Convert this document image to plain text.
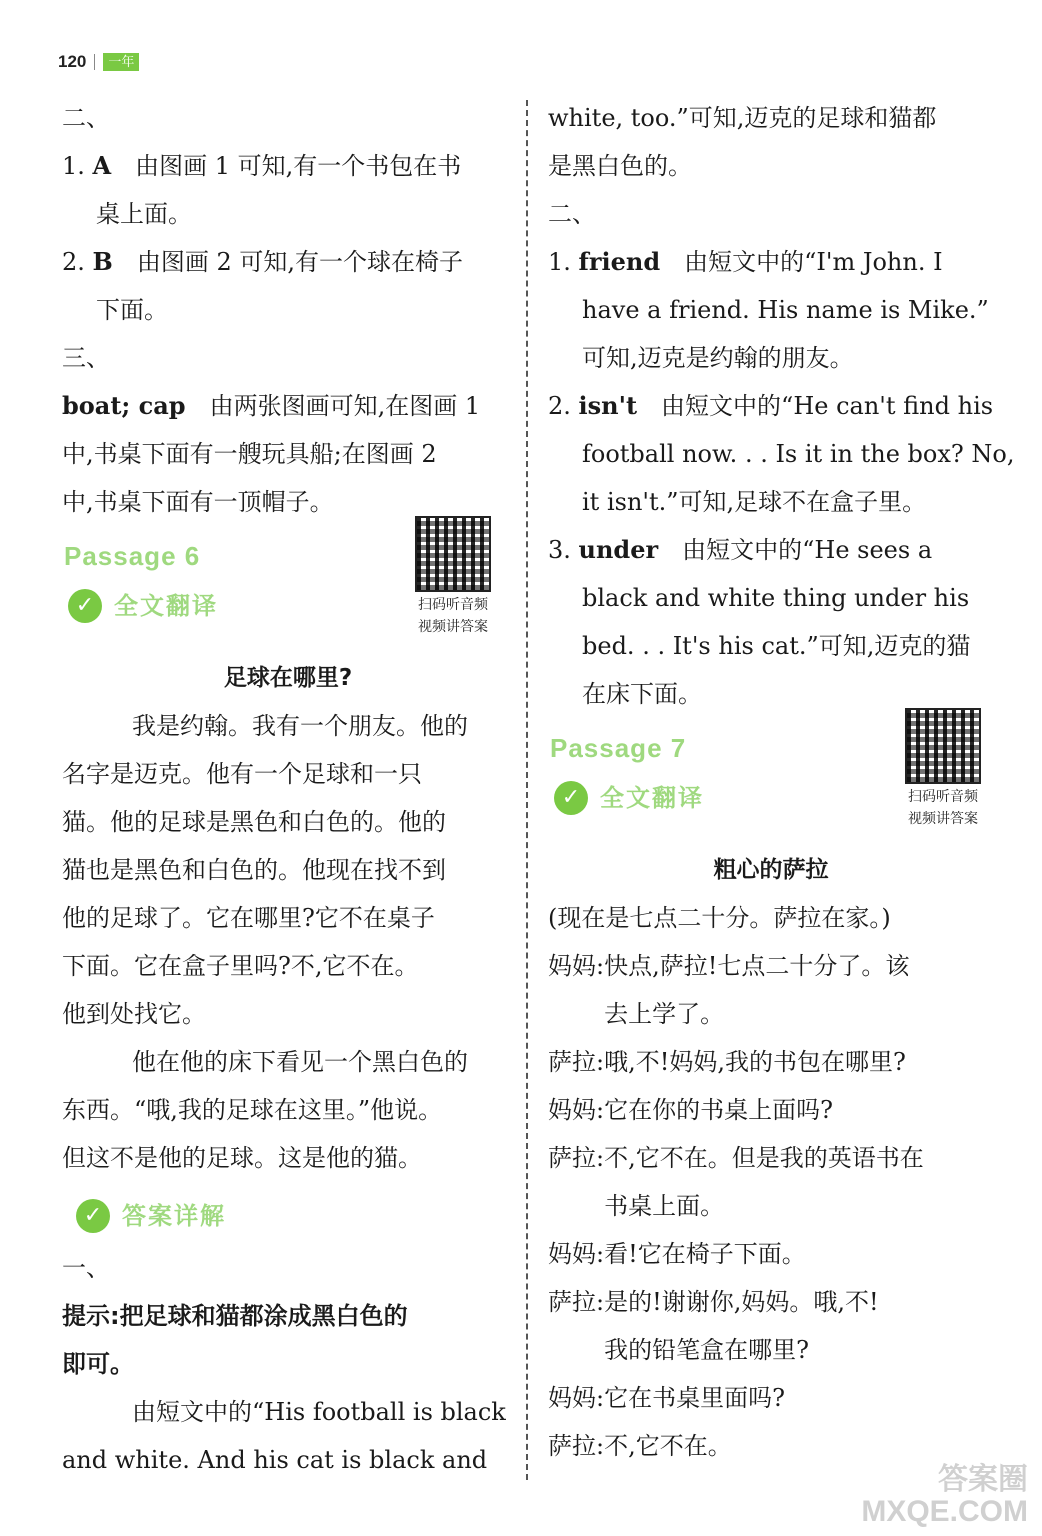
120	一年
二、
1. A　由图画 1 可知,有一个书包在书
桌上面。
2. B　由图画 2 可知,有一个球在椅子
下面。
三、
boat; cap　由两张图画可知,在图画 1
中,书桌下面有一艘玩具船;在图画 2
中,书桌下面有一顶帽子。
Passage 6
✓ 全文翻译	扫码听音频
视频讲答案
足球在哪里?
我是约翰。我有一个朋友。他的
名字是迈克。他有一个足球和一只
猫。他的足球是黑色和白色的。他的
猫也是黑色和白色的。他现在找不到
他的足球了。它在哪里?它不在桌子
下面。它在盒子里吗?不,它不在。
他到处找它。
他在他的床下看见一个黑白色的
东西。“哦,我的足球在这里。”他说。
但这不是他的足球。这是他的猫。
✓ 答案详解
一、
提示:把足球和猫都涂成黑白色的
即可。
由短文中的“His football is black
and white. And his cat is black and
white, too.”可知,迈克的足球和猫都
是黑白色的。
二、
1. friend　由短文中的“I'm John. I
have a friend. His name is Mike.”
可知,迈克是约翰的朋友。
2. isn't　由短文中的“He can't find his
football now. . . Is it in the box? No,
it isn't.”可知,足球不在盒子里。
3. under　由短文中的“He sees a
black and white thing under his
bed. . . It's his cat.”可知,迈克的猫
在床下面。
Passage 7
✓ 全文翻译	扫码听音频
视频讲答案
粗心的萨拉
(现在是七点二十分。萨拉在家。)
妈妈: 快点,萨拉!七点二十分了。该
去上学了。
萨拉: 哦,不!妈妈,我的书包在哪里?
妈妈: 它在你的书桌上面吗?
萨拉: 不,它不在。但是我的英语书在
书桌上面。
妈妈: 看!它在椅子下面。
萨拉: 是的!谢谢你,妈妈。哦,不!
我的铅笔盒在哪里?
妈妈: 它在书桌里面吗?
萨拉: 不,它不在。
答案圈
MXQE.COM
